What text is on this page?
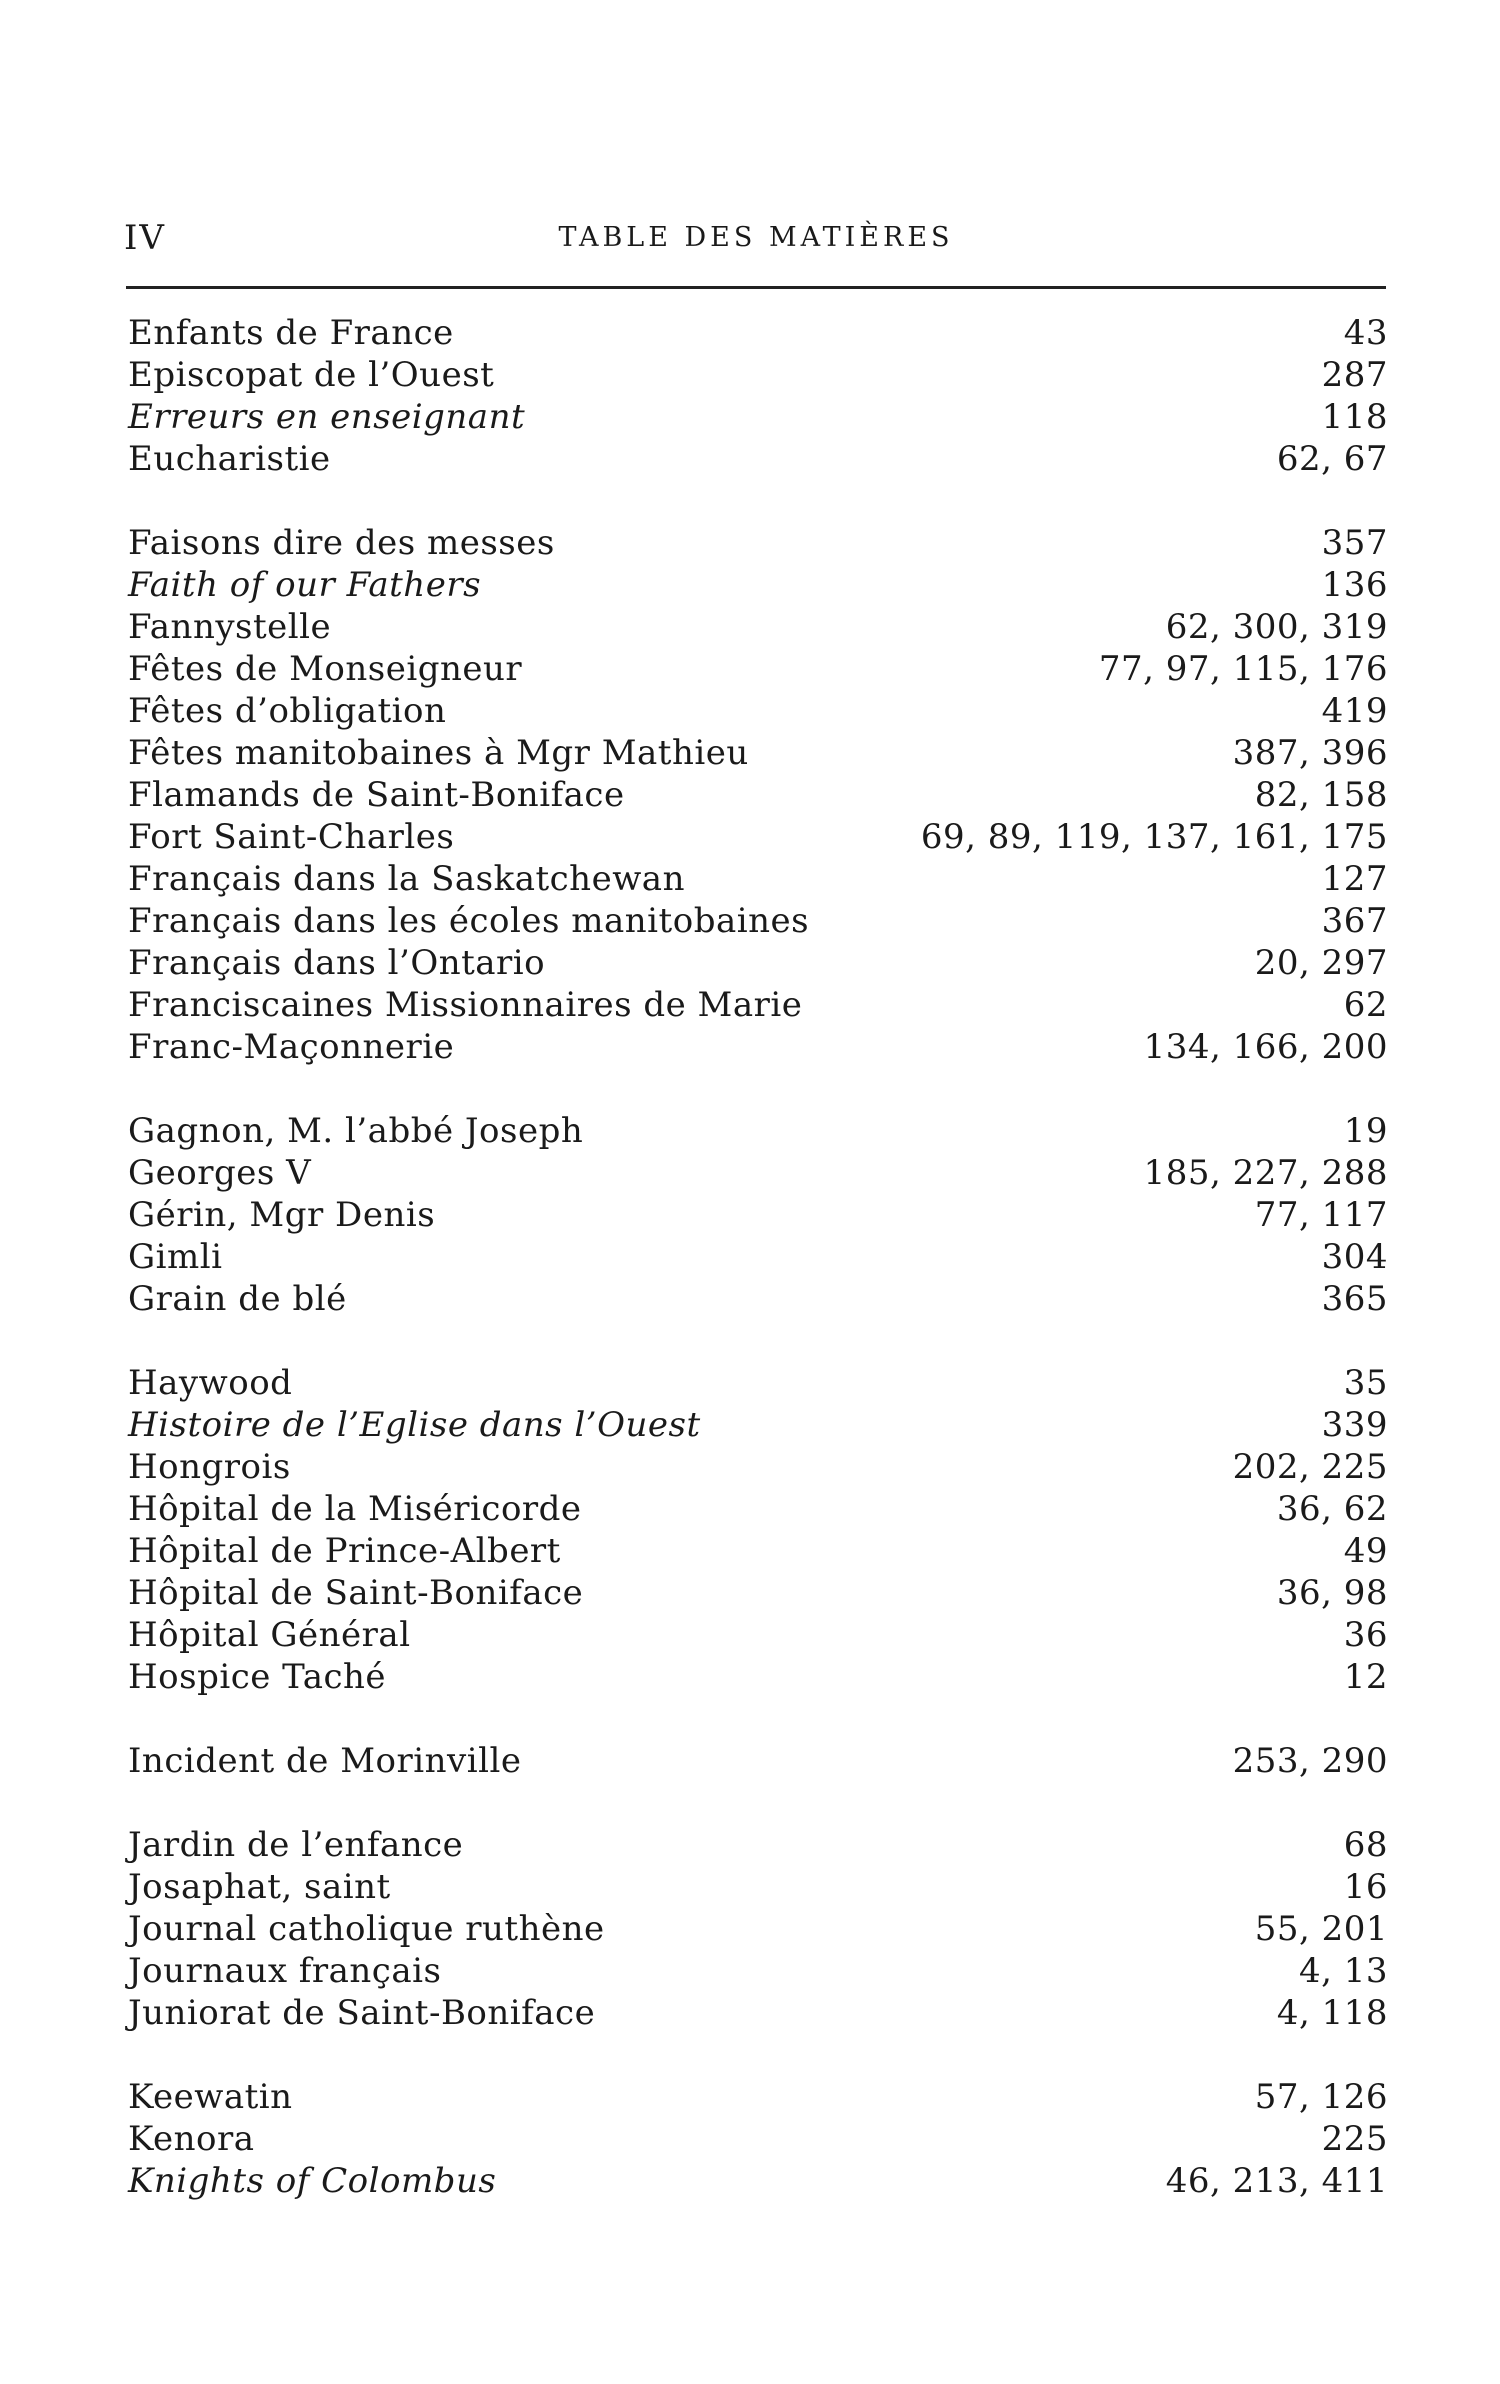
IV	TABLE DES MATIÈRES
Enfants de France	43
Episcopat de l’Ouest	287
Erreurs en enseignant	118
Eucharistie	62, 67
Faisons dire des messes	357
Faith of our Fathers	136
Fannystelle	62, 300, 319
Fêtes de Monseigneur	77, 97, 115, 176
Fêtes d’obligation	419
Fêtes manitobaines à Mgr Mathieu	387, 396
Flamands de Saint-Boniface	82, 158
Fort Saint-Charles	69, 89, 119, 137, 161, 175
Français dans la Saskatchewan	127
Français dans les écoles manitobaines	367
Français dans l’Ontario	20, 297
Franciscaines Missionnaires de Marie	62
Franc-Maçonnerie	134, 166, 200
Gagnon, M. l’abbé Joseph	19
Georges V	185, 227, 288
Gérin, Mgr Denis	77, 117
Gimli	304
Grain de blé	365
Haywood	35
Histoire de l’Eglise dans l’Ouest	339
Hongrois	202, 225
Hôpital de la Miséricorde	36, 62
Hôpital de Prince-Albert	49
Hôpital de Saint-Boniface	36, 98
Hôpital Général	36
Hospice Taché	12
Incident de Morinville	253, 290
Jardin de l’enfance	68
Josaphat, saint	16
Journal catholique ruthène	55, 201
Journaux français	4, 13
Juniorat de Saint-Boniface	4, 118
Keewatin	57, 126
Kenora	225
Knights of Colombus	46, 213, 411
